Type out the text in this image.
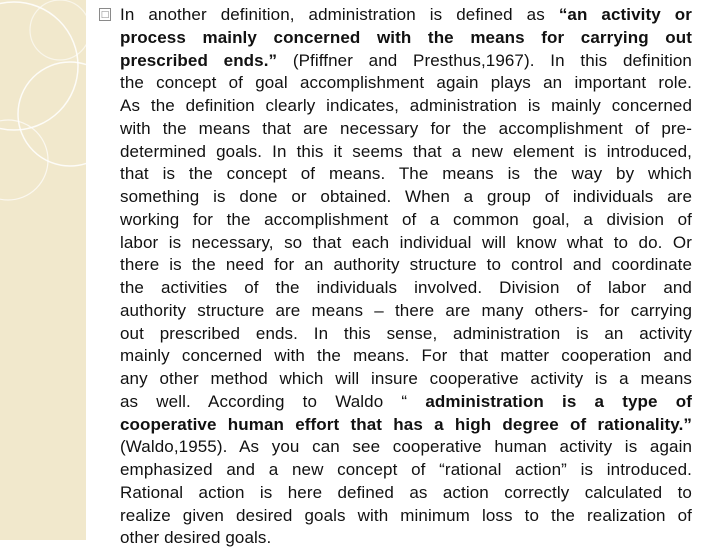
□ In another definition, administration is defined as “an activity or
process mainly concerned with the means for carrying out
prescribed ends.” (Pfiffner and Presthus,1967). In this definition
the concept of goal accomplishment again plays an important role.
As the definition clearly indicates, administration is mainly concerned
with the means that are necessary for the accomplishment of pre-
determined goals. In this it seems that a new element is introduced,
that is the concept of means. The means is the way by which
something is done or obtained. When a group of individuals are
working for the accomplishment of a common goal, a division of
labor is necessary, so that each individual will know what to do. Or
there is the need for an authority structure to control and coordinate
the activities of the individuals involved. Division of labor and
authority structure are means – there are many others- for carrying
out prescribed ends. In this sense, administration is an activity
mainly concerned with the means. For that matter cooperation and
any other method which will insure cooperative activity is a means
as well. According to Waldo “ administration is a type of
cooperative human effort that has a high degree of rationality.”
(Waldo,1955). As you can see cooperative human activity is again
emphasized and a new concept of “rational action” is introduced.
Rational action is here defined as action correctly calculated to
realize given desired goals with minimum loss to the realization of
other desired goals.
